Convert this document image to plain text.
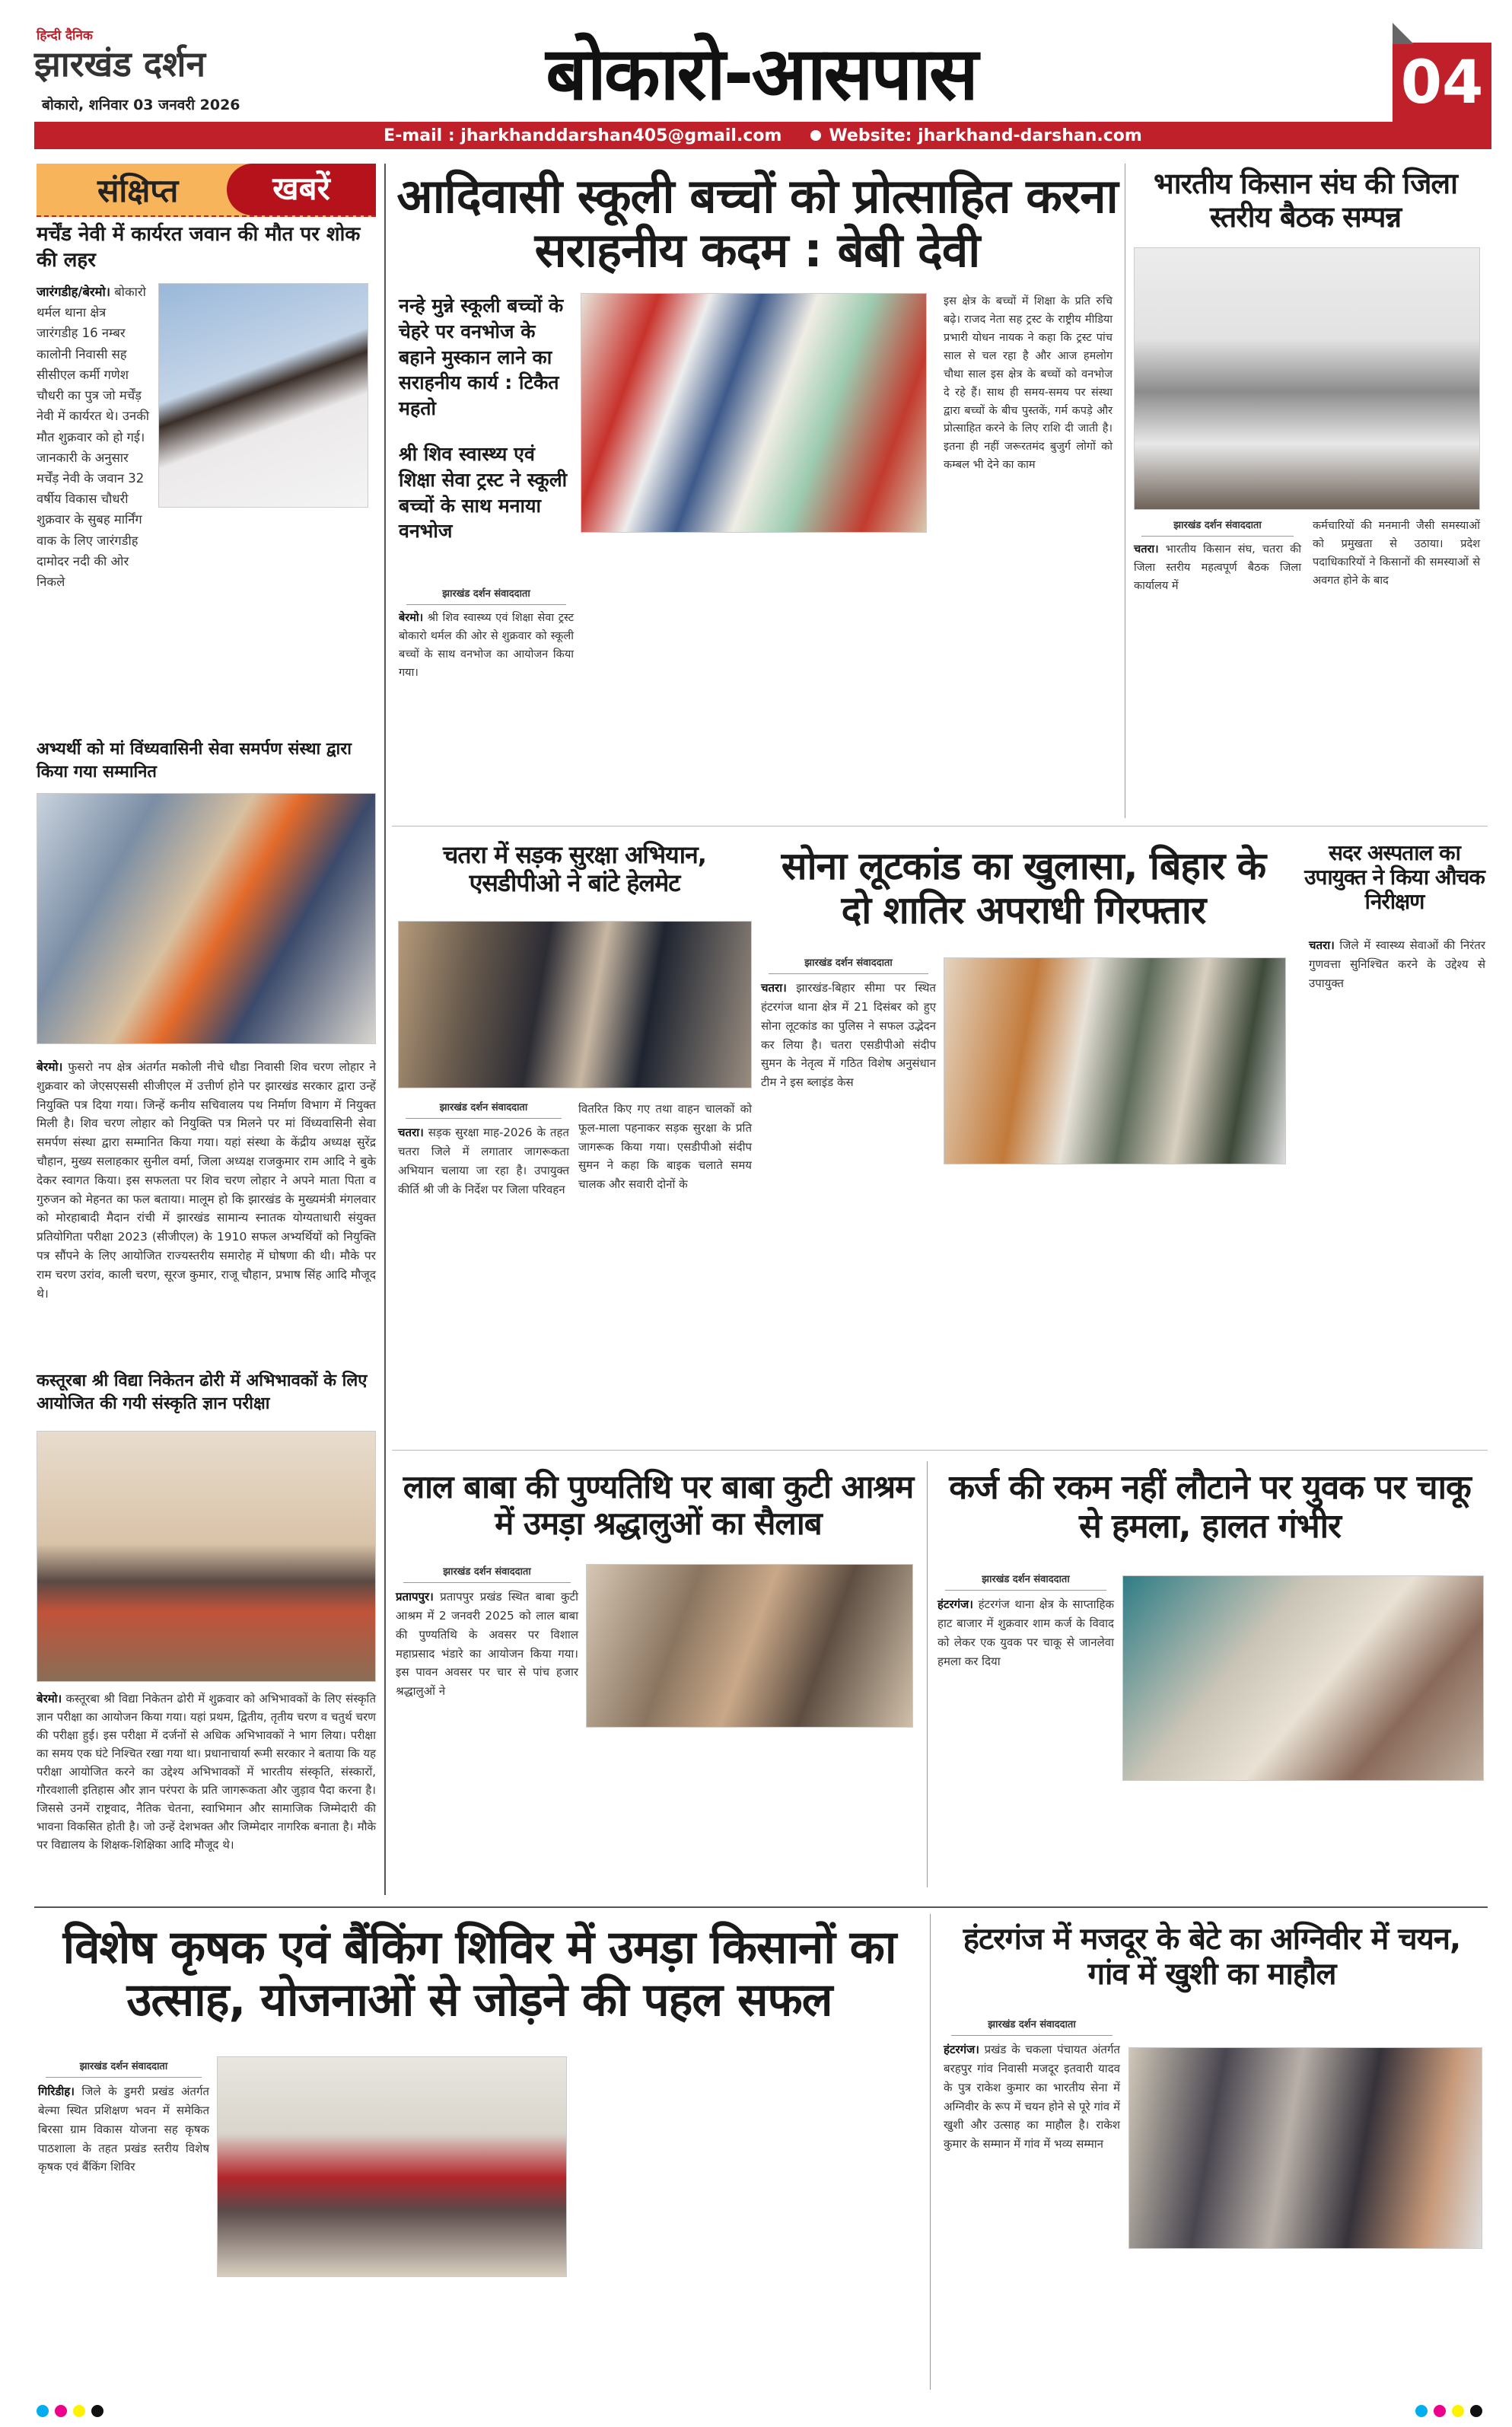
हिन्दी दैनिक
झारखंड दर्शन
बोकारो, शनिवार 03 जनवरी 2026	बोकारो-आसपास	04
E-mail : jharkhanddarshan405@gmail.com	Website: jharkhand-darshan.com
संक्षिप्त	खबरें
मर्चेंड नेवी में कार्यरत जवान की मौत पर शोक की लहर
जारंगडीह/बेरमो। बोकारो थर्मल थाना क्षेत्र जारंगडीह 16 नम्बर कालोनी निवासी सह सीसीएल कर्मी गणेश चौधरी का पुत्र जो मर्चेंड़ नेवी में कार्यरत थे। उनकी मौत शुक्रवार को हो गई। जानकारी के अनुसार मर्चेंड़ नेवी के जवान 32 वर्षीय विकास चौधरी शुक्रवार के सुबह मार्निंग वाक के लिए जारंगडीह दामोदर नदी की ओर निकले
अभ्यर्थी को मां विंध्यवासिनी सेवा समर्पण संस्था द्वारा किया गया सम्मानित
बेरमो। फुसरो नप क्षेत्र अंतर्गत मकोली नीचे धौडा निवासी शिव चरण लोहार ने शुक्रवार को जेएसएससी सीजीएल में उत्तीर्ण होने पर झारखंड सरकार द्वारा उन्हें नियुक्ति पत्र दिया गया। जिन्हें कनीय सचिवालय पथ निर्माण विभाग में नियुक्त मिली है। शिव चरण लोहार को नियुक्ति पत्र मिलने पर मां विंध्यवासिनी सेवा समर्पण संस्था द्वारा सम्मानित किया गया। यहां संस्था के केंद्रीय अध्यक्ष सुरेंद्र चौहान, मुख्य सलाहकार सुनील वर्मा, जिला अध्यक्ष राजकुमार राम आदि ने बुके देकर स्वागत किया। इस सफलता पर शिव चरण लोहार ने अपने माता पिता व गुरुजन को मेहनत का फल बताया। मालूम हो कि झारखंड के मुख्यमंत्री मंगलवार को मोरहाबादी मैदान रांची में झारखंड सामान्य स्नातक योग्यताधारी संयुक्त प्रतियोगिता परीक्षा 2023 (सीजीएल) के 1910 सफल अभ्यर्थियों को नियुक्ति पत्र सौंपने के लिए आयोजित राज्यस्तरीय समारोह में घोषणा की थी। मौके पर राम चरण उरांव, काली चरण, सूरज कुमार, राजू चौहान, प्रभाष सिंह आदि मौजूद थे।
कस्तूरबा श्री विद्या निकेतन ढोरी में अभिभावकों के लिए आयोजित की गयी संस्कृति ज्ञान परीक्षा
बेरमो। कस्तूरबा श्री विद्या निकेतन ढोरी में शुक्रवार को अभिभावकों के लिए संस्कृति ज्ञान परीक्षा का आयोजन किया गया। यहां प्रथम, द्वितीय, तृतीय चरण व चतुर्थ चरण की परीक्षा हुई। इस परीक्षा में दर्जनों से अधिक अभिभावकों ने भाग लिया। परीक्षा का समय एक घंटे निश्चित रखा गया था। प्रधानाचार्या रूमी सरकार ने बताया कि यह परीक्षा आयोजित करने का उद्देश्य अभिभावकों में भारतीय संस्कृति, संस्कारों, गौरवशाली इतिहास और ज्ञान परंपरा के प्रति जागरूकता और जुड़ाव पैदा करना है। जिससे उनमें राष्ट्रवाद, नैतिक चेतना, स्वाभिमान और सामाजिक जिम्मेदारी की भावना विकसित होती है। जो उन्हें देशभक्त और जिम्मेदार नागरिक बनाता है। मौके पर विद्यालय के शिक्षक-शिक्षिका आदि मौजूद थे।
आदिवासी स्कूली बच्चों को प्रोत्साहित करना सराहनीय कदम : बेबी देवी
नन्हे मुन्ने स्कूली बच्चों के चेहरे पर वनभोज के बहाने मुस्कान लाने का सराहनीय कार्य : टिकैत महतो
श्री शिव स्वास्थ्य एवं शिक्षा सेवा ट्रस्ट ने स्कूली बच्चों के साथ मनाया वनभोज
झारखंड दर्शन संवाददाता
बेरमो। श्री शिव स्वास्थ्य एवं शिक्षा सेवा ट्रस्ट बोकारो थर्मल की ओर से शुक्रवार को स्कूली बच्चों के साथ वनभोज का आयोजन किया गया।
इस क्षेत्र के बच्चों में शिक्षा के प्रति रुचि बढ़े। राजद नेता सह ट्रस्ट के राष्ट्रीय मीडिया प्रभारी योधन नायक ने कहा कि ट्रस्ट पांच साल से चल रहा है और आज हमलोग चौथा साल इस क्षेत्र के बच्चों को वनभोज दे रहे हैं। साथ ही समय-समय पर संस्था द्वारा बच्चों के बीच पुस्तकें, गर्म कपड़े और प्रोत्साहित करने के लिए राशि दी जाती है। इतना ही नहीं जरूरतमंद बुजुर्ग लोगों को कम्बल भी देने का काम
भारतीय किसान संघ की जिला स्तरीय बैठक सम्पन्न
झारखंड दर्शन संवाददाता
चतरा। भारतीय किसान संघ, चतरा की जिला स्तरीय महत्वपूर्ण बैठक जिला कार्यालय में
कर्मचारियों की मनमानी जैसी समस्याओं को प्रमुखता से उठाया। प्रदेश पदाधिकारियों ने किसानों की समस्याओं से अवगत होने के बाद
चतरा में सड़क सुरक्षा अभियान, एसडीपीओ ने बांटे हेलमेट
झारखंड दर्शन संवाददाता
चतरा। सड़क सुरक्षा माह-2026 के तहत चतरा जिले में लगातार जागरूकता अभियान चलाया जा रहा है। उपायुक्त कीर्ति श्री जी के निर्देश पर जिला परिवहन
वितरित किए गए तथा वाहन चालकों को फूल-माला पहनाकर सड़क सुरक्षा के प्रति जागरूक किया गया। एसडीपीओ संदीप सुमन ने कहा कि बाइक चलाते समय चालक और सवारी दोनों के
सोना लूटकांड का खुलासा, बिहार के दो शातिर अपराधी गिरफ्तार
झारखंड दर्शन संवाददाता
चतरा। झारखंड-बिहार सीमा पर स्थित हंटरगंज थाना क्षेत्र में 21 दिसंबर को हुए सोना लूटकांड का पुलिस ने सफल उद्भेदन कर लिया है। चतरा एसडीपीओ संदीप सुमन के नेतृत्व में गठित विशेष अनुसंधान टीम ने इस ब्लाइंड केस
सदर अस्पताल का उपायुक्त ने किया औचक निरीक्षण
चतरा। जिले में स्वास्थ्य सेवाओं की निरंतर गुणवत्ता सुनिश्चित करने के उद्देश्य से उपायुक्त
लाल बाबा की पुण्यतिथि पर बाबा कुटी आश्रम में उमड़ा श्रद्धालुओं का सैलाब
झारखंड दर्शन संवाददाता
प्रतापपुर। प्रतापपुर प्रखंड स्थित बाबा कुटी आश्रम में 2 जनवरी 2025 को लाल बाबा की पुण्यतिथि के अवसर पर विशाल महाप्रसाद भंडारे का आयोजन किया गया। इस पावन अवसर पर चार से पांच हजार श्रद्धालुओं ने
कर्ज की रकम नहीं लौटाने पर युवक पर चाकू से हमला, हालत गंभीर
झारखंड दर्शन संवाददाता
हंटरगंज। हंटरगंज थाना क्षेत्र के साप्ताहिक हाट बाजार में शुक्रवार शाम कर्ज के विवाद को लेकर एक युवक पर चाकू से जानलेवा हमला कर दिया
विशेष कृषक एवं बैंकिंग शिविर में उमड़ा किसानों का उत्साह, योजनाओं से जोड़ने की पहल सफल
झारखंड दर्शन संवाददाता
गिरिडीह। जिले के डुमरी प्रखंड अंतर्गत बेल्मा स्थित प्रशिक्षण भवन में समेकित बिरसा ग्राम विकास योजना सह कृषक पाठशाला के तहत प्रखंड स्तरीय विशेष कृषक एवं बैंकिंग शिविर
हंटरगंज में मजदूर के बेटे का अग्निवीर में चयन, गांव में खुशी का माहौल
झारखंड दर्शन संवाददाता
हंटरगंज। प्रखंड के चकला पंचायत अंतर्गत बरहपुर गांव निवासी मजदूर इतवारी यादव के पुत्र राकेश कुमार का भारतीय सेना में अग्निवीर के रूप में चयन होने से पूरे गांव में खुशी और उत्साह का माहौल है। राकेश कुमार के सम्मान में गांव में भव्य सम्मान
